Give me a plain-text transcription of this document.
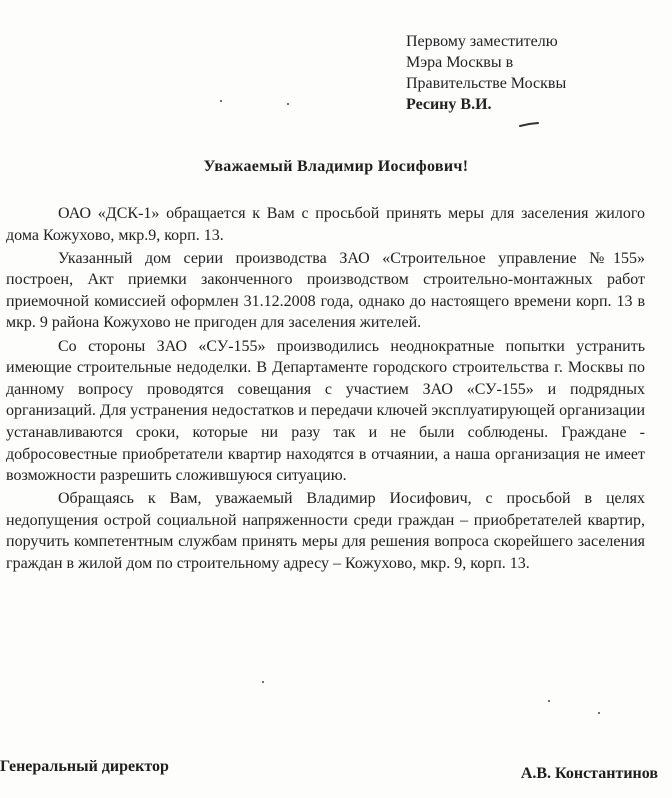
Первому заместителю
Мэра Москвы в
Правительстве Москвы
Ресину В.И.
Уважаемый Владимир Иосифович!

ОАО «ДСК-1» обращается к Вам с просьбой принять меры для заселения жилого дома Кожухово, мкр.9, корп. 13.

Указанный дом серии производства ЗАО «Строительное управление №155» построен, Акт приемки законченного производством строительно-монтажных работ приемочной комиссией оформлен 31.12.2008 года, однако до настоящего времени корп. 13 в мкр. 9 района Кожухово не пригоден для заселения жителей.

Со стороны ЗАО «СУ-155» производились неоднократные попытки устранить имеющие строительные недоделки. В Департаменте городского строительства г. Москвы по данному вопросу проводятся совещания с участием ЗАО «СУ-155» и подрядных организаций. Для устранения недостатков и передачи ключей эксплуатирующей организации устанавливаются сроки, которые ни разу так и не были соблюдены. Граждане - добросовестные приобретатели квартир находятся в отчаянии, а наша организация не имеет возможности разрешить сложившуюся ситуацию.

Обращаясь к Вам, уважаемый Владимир Иосифович, с просьбой в целях недопущения острой социальной напряженности среди граждан – приобретателей квартир, поручить компетентным службам принять меры для решения вопроса скорейшего заселения граждан в жилой дом по строительному адресу – Кожухово, мкр. 9, корп. 13.

Генеральный директор	А.В. Константинов
